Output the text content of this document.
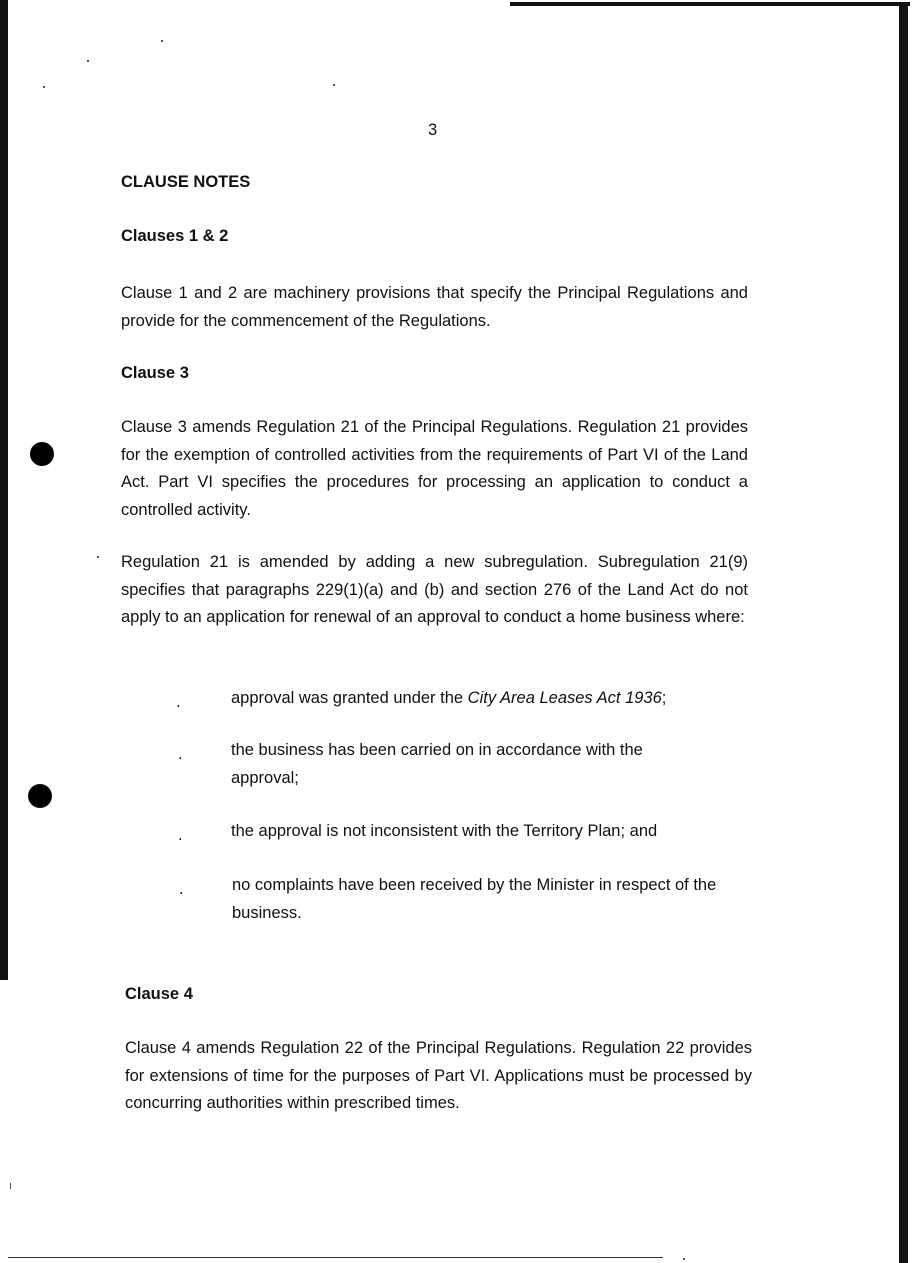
3

CLAUSE NOTES

Clauses 1 & 2

Clause 1 and 2 are machinery provisions that specify the Principal Regulations and provide for the commencement of the Regulations.

Clause 3

Clause 3 amends Regulation 21 of the Principal Regulations. Regulation 21 provides for the exemption of controlled activities from the requirements of Part VI of the Land Act. Part VI specifies the procedures for processing an application to conduct a controlled activity.

Regulation 21 is amended by adding a new subregulation. Subregulation 21(9) specifies that paragraphs 229(1)(a) and (b) and section 276 of the Land Act do not apply to an application for renewal of an approval to conduct a home business where:

.	approval was granted under the City Area Leases Act 1936;

.	the business has been carried on in accordance with the approval;

.	the approval is not inconsistent with the Territory Plan; and

.	no complaints have been received by the Minister in respect of the business.

Clause 4

Clause 4 amends Regulation 22 of the Principal Regulations. Regulation 22 provides for extensions of time for the purposes of Part VI. Applications must be processed by concurring authorities within prescribed times.
